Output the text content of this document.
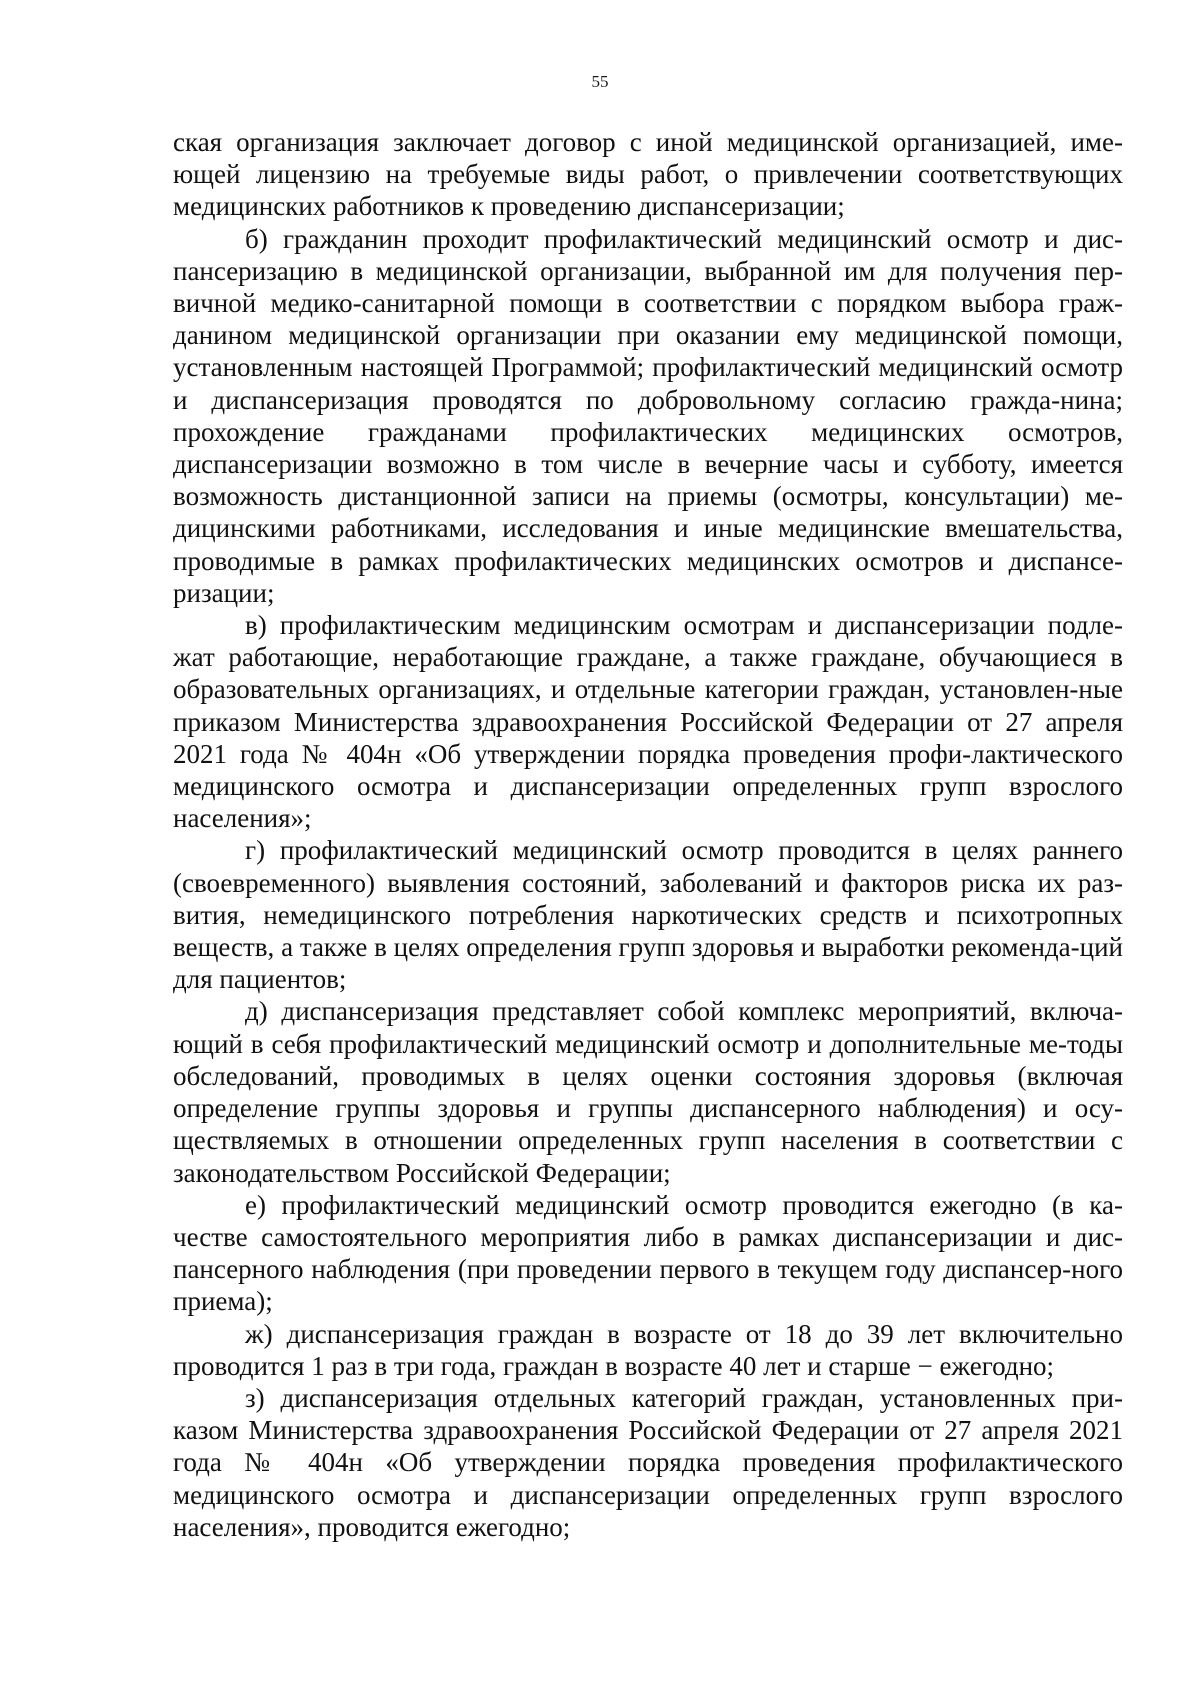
55

ская организация заключает договор с иной медицинской организацией, име-ющей лицензию на требуемые виды работ, о привлечении соответствующих медицинских работников к проведению диспансеризации;

б) гражданин проходит профилактический медицинский осмотр и дис-пансеризацию в медицинской организации, выбранной им для получения пер-вичной медико-санитарной помощи в соответствии с порядком выбора граж-данином медицинской организации при оказании ему медицинской помощи, установленным настоящей Программой; профилактический медицинский осмотр и диспансеризация проводятся по добровольному согласию гражда-нина; прохождение гражданами профилактических медицинских осмотров, диспансеризации возможно в том числе в вечерние часы и субботу, имеется возможность дистанционной записи на приемы (осмотры, консультации) ме-дицинскими работниками, исследования и иные медицинские вмешательства, проводимые в рамках профилактических медицинских осмотров и диспансе-ризации;

в) профилактическим медицинским осмотрам и диспансеризации подле-жат работающие, неработающие граждане, а также граждане, обучающиеся в образовательных организациях, и отдельные категории граждан, установлен-ные приказом Министерства здравоохранения Российской Федерации от 27 апреля 2021 года № 404н «Об утверждении порядка проведения профи-лактического медицинского осмотра и диспансеризации определенных групп взрослого населения»;

г) профилактический медицинский осмотр проводится в целях раннего (своевременного) выявления состояний, заболеваний и факторов риска их раз-вития, немедицинского потребления наркотических средств и психотропных веществ, а также в целях определения групп здоровья и выработки рекоменда-ций для пациентов;

д) диспансеризация представляет собой комплекс мероприятий, включа-ющий в себя профилактический медицинский осмотр и дополнительные ме-тоды обследований, проводимых в целях оценки состояния здоровья (включая определение группы здоровья и группы диспансерного наблюдения) и осу-ществляемых в отношении определенных групп населения в соответствии с законодательством Российской Федерации;

е) профилактический медицинский осмотр проводится ежегодно (в ка-честве самостоятельного мероприятия либо в рамках диспансеризации и дис-пансерного наблюдения (при проведении первого в текущем году диспансер-ного приема);

ж) диспансеризация граждан в возрасте от 18 до 39 лет включительно проводится 1 раз в три года, граждан в возрасте 40 лет и старше − ежегодно;

з) диспансеризация отдельных категорий граждан, установленных при-казом Министерства здравоохранения Российской Федерации от 27 апреля 2021 года № 404н «Об утверждении порядка проведения профилактического медицинского осмотра и диспансеризации определенных групп взрослого населения», проводится ежегодно;
